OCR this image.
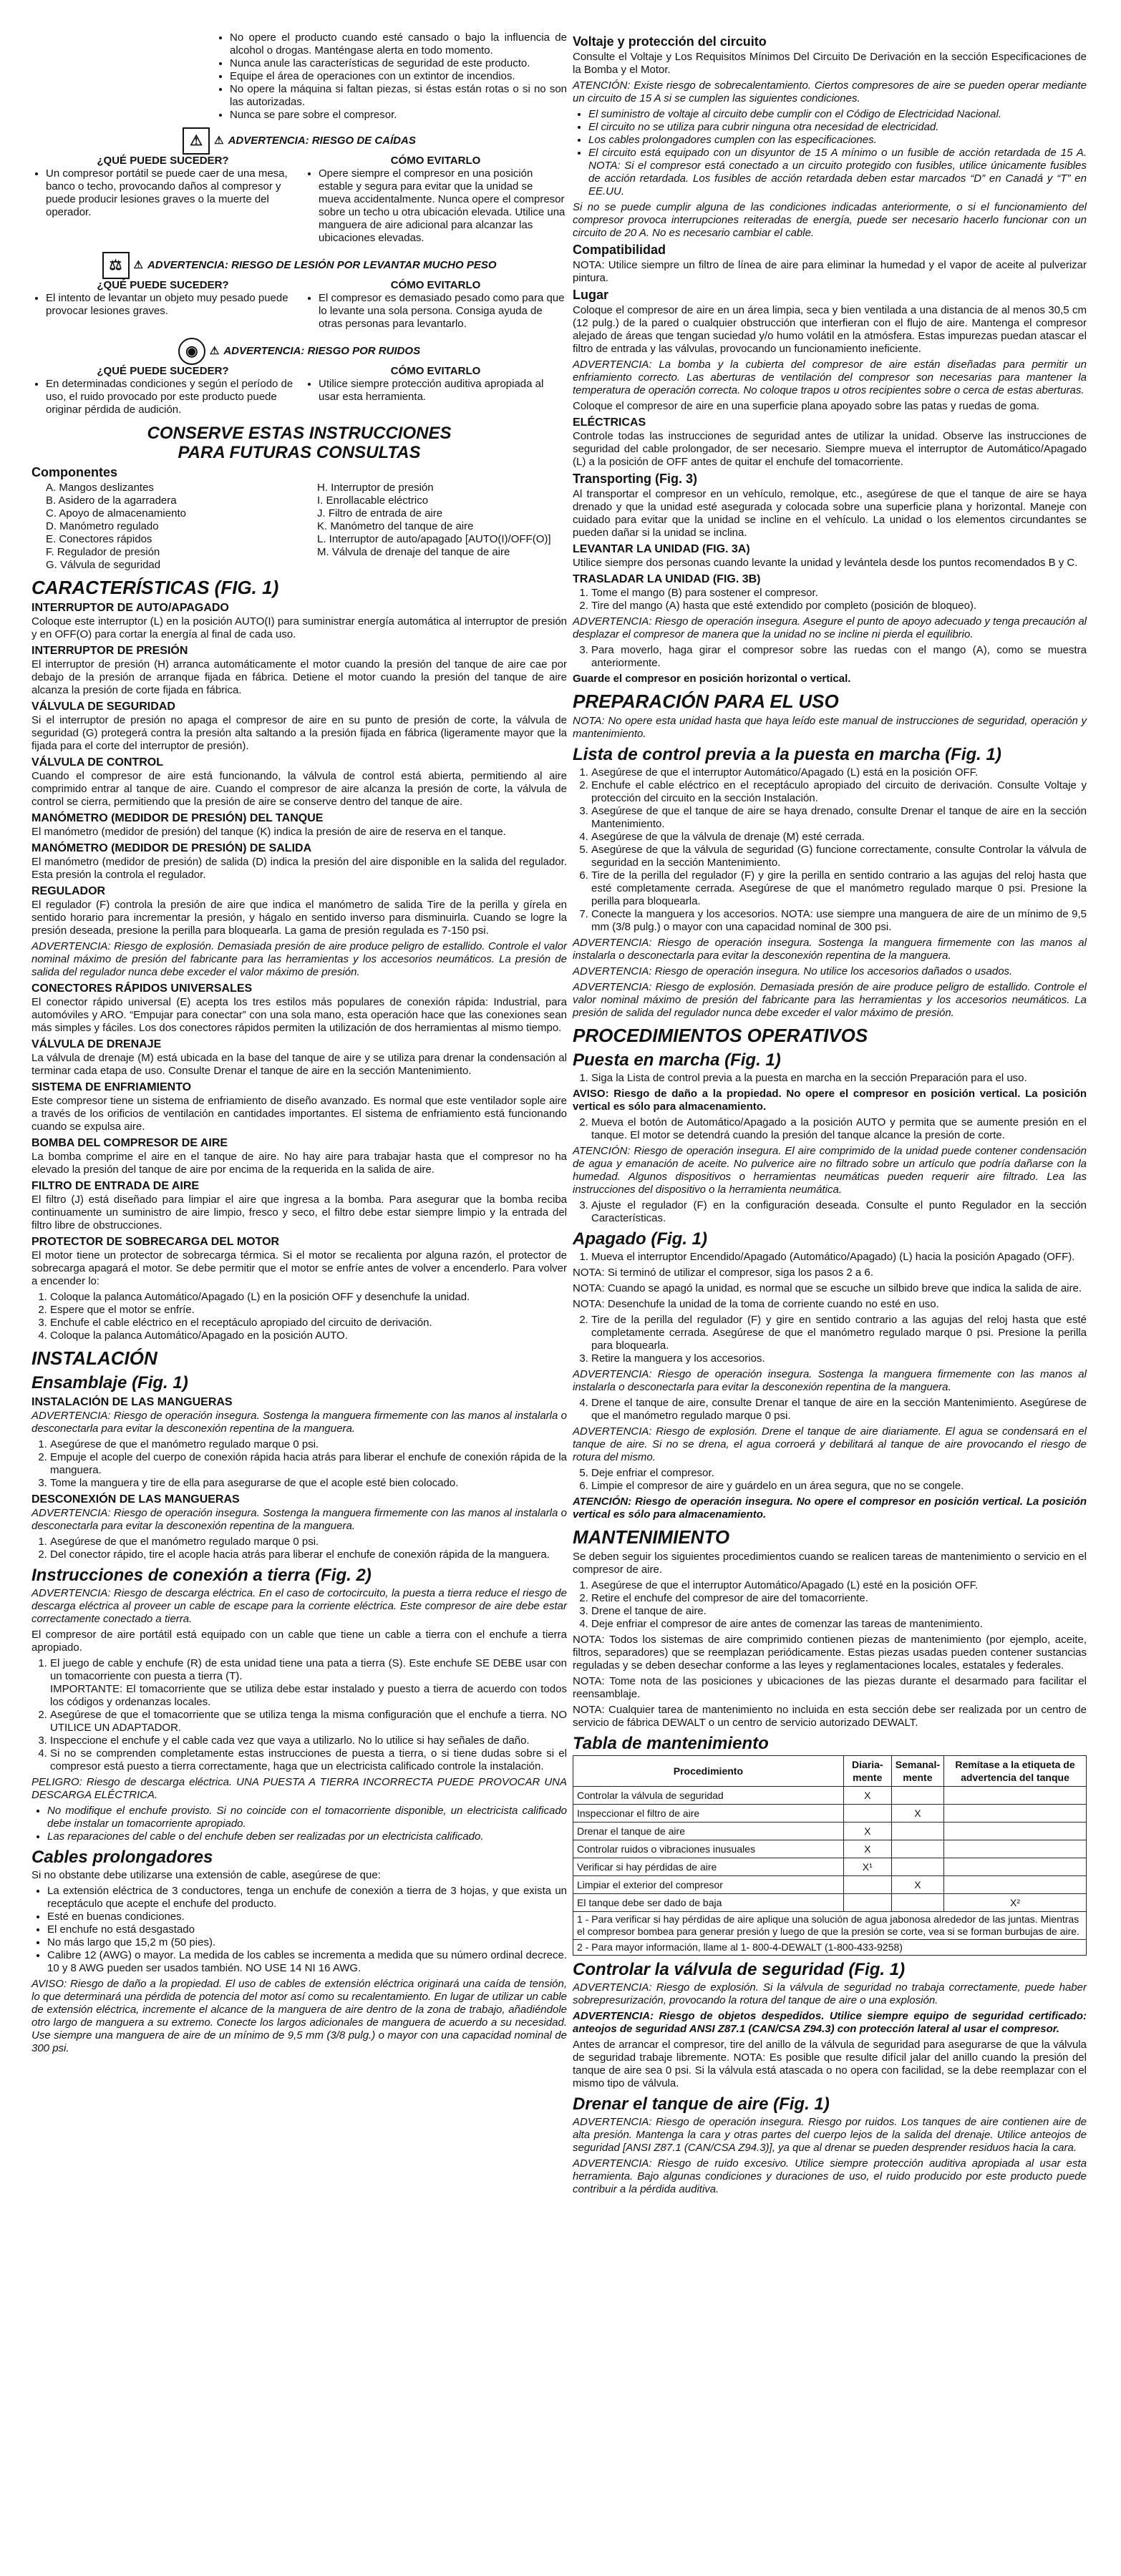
• No opere el producto cuando esté cansado o bajo la influencia de alcohol o drogas. Manténgase alerta en todo momento.
• Nunca anule las características de seguridad de este producto.
• Equipe el área de operaciones con un extintor de incendios.
• No opere la máquina si faltan piezas, si éstas están rotas o si no son las autorizadas.
• Nunca se pare sobre el compresor.
⚠	⚠ ADVERTENCIA: RIESGO DE CAÍDAS
¿QUÉ PUEDE SUCEDER?
• Un compresor portátil se puede caer de una mesa, banco o techo, provocando daños al compresor y puede producir lesiones graves o la muerte del operador.
CÓMO EVITARLO
• Opere siempre el compresor en una posición estable y segura para evitar que la unidad se mueva accidentalmente. Nunca opere el compresor sobre un techo u otra ubicación elevada. Utilice una manguera de aire adicional para alcanzar las ubicaciones elevadas.
⚖	⚠ ADVERTENCIA: RIESGO DE LESIÓN POR LEVANTAR MUCHO PESO
¿QUÉ PUEDE SUCEDER?
• El intento de levantar un objeto muy pesado puede provocar lesiones graves.
CÓMO EVITARLO
• El compresor es demasiado pesado como para que lo levante una sola persona. Consiga ayuda de otras personas para levantarlo.
◉	⚠ ADVERTENCIA: RIESGO POR RUIDOS
¿QUÉ PUEDE SUCEDER?
• En determinadas condiciones y según el período de uso, el ruido provocado por este producto puede originar pérdida de audición.
CÓMO EVITARLO
• Utilice siempre protección auditiva apropiada al usar esta herramienta.
CONSERVE ESTAS INSTRUCCIONES
PARA FUTURAS CONSULTAS
Componentes
A. Mangos deslizantes
B. Asidero de la agarradera
C. Apoyo de almacenamiento
D. Manómetro regulado
E. Conectores rápidos
F. Regulador de presión
G. Válvula de seguridad
H. Interruptor de presión
I. Enrollacable eléctrico
J. Filtro de entrada de aire
K. Manómetro del tanque de aire
L. Interruptor de auto/apagado [AUTO(I)/OFF(O)]
M. Válvula de drenaje del tanque de aire
CARACTERÍSTICAS (FIG. 1)
INTERRUPTOR DE AUTO/APAGADO

Coloque este interruptor (L) en la posición AUTO(I) para suministrar energía automática al interruptor de presión y en OFF(O) para cortar la energía al final de cada uso.

INTERRUPTOR DE PRESIÓN

El interruptor de presión (H) arranca automáticamente el motor cuando la presión del tanque de aire cae por debajo de la presión de arranque fijada en fábrica. Detiene el motor cuando la presión del tanque de aire alcanza la presión de corte fijada en fábrica.

VÁLVULA DE SEGURIDAD

Si el interruptor de presión no apaga el compresor de aire en su punto de presión de corte, la válvula de seguridad (G) protegerá contra la presión alta saltando a la presión fijada en fábrica (ligeramente mayor que la fijada para el corte del interruptor de presión).

VÁLVULA DE CONTROL

Cuando el compresor de aire está funcionando, la válvula de control está abierta, permitiendo al aire comprimido entrar al tanque de aire. Cuando el compresor de aire alcanza la presión de corte, la válvula de control se cierra, permitiendo que la presión de aire se conserve dentro del tanque de aire.

MANÓMETRO (MEDIDOR DE PRESIÓN) DEL TANQUE

El manómetro (medidor de presión) del tanque (K) indica la presión de aire de reserva en el tanque.

MANÓMETRO (MEDIDOR DE PRESIÓN) DE SALIDA

El manómetro (medidor de presión) de salida (D) indica la presión del aire disponible en la salida del regulador. Esta presión la controla el regulador.

REGULADOR

El regulador (F) controla la presión de aire que indica el manómetro de salida Tire de la perilla y gírela en sentido horario para incrementar la presión, y hágalo en sentido inverso para disminuirla. Cuando se logre la presión deseada, presione la perilla para bloquearla. La gama de presión regulada es 7-150 psi.

ADVERTENCIA: Riesgo de explosión. Demasiada presión de aire produce peligro de estallido. Controle el valor nominal máximo de presión del fabricante para las herramientas y los accesorios neumáticos. La presión de salida del regulador nunca debe exceder el valor máximo de presión.

CONECTORES RÁPIDOS UNIVERSALES

El conector rápido universal (E) acepta los tres estilos más populares de conexión rápida: Industrial, para automóviles y ARO. “Empujar para conectar” con una sola mano, esta operación hace que las conexiones sean más simples y fáciles. Los dos conectores rápidos permiten la utilización de dos herramientas al mismo tiempo.

VÁLVULA DE DRENAJE

La válvula de drenaje (M) está ubicada en la base del tanque de aire y se utiliza para drenar la condensación al terminar cada etapa de uso. Consulte Drenar el tanque de aire en la sección Mantenimiento.

SISTEMA DE ENFRIAMIENTO

Este compresor tiene un sistema de enfriamiento de diseño avanzado. Es normal que este ventilador sople aire a través de los orificios de ventilación en cantidades importantes. El sistema de enfriamiento está funcionando cuando se expulsa aire.

BOMBA DEL COMPRESOR DE AIRE

La bomba comprime el aire en el tanque de aire. No hay aire para trabajar hasta que el compresor no ha elevado la presión del tanque de aire por encima de la requerida en la salida de aire.

FILTRO DE ENTRADA DE AIRE

El filtro (J) está diseñado para limpiar el aire que ingresa a la bomba. Para asegurar que la bomba reciba continuamente un suministro de aire limpio, fresco y seco, el filtro debe estar siempre limpio y la entrada del filtro libre de obstrucciones.

PROTECTOR DE SOBRECARGA DEL MOTOR

El motor tiene un protector de sobrecarga térmica. Si el motor se recalienta por alguna razón, el protector de sobrecarga apagará el motor. Se debe permitir que el motor se enfríe antes de volver a encenderlo. Para volver a encender lo:

1. Coloque la palanca Automático/Apagado (L) en la posición OFF y desenchufe la unidad.
2. Espere que el motor se enfríe.
3. Enchufe el cable eléctrico en el receptáculo apropiado del circuito de derivación.
4. Coloque la palanca Automático/Apagado en la posición AUTO.
INSTALACIÓN
Ensamblaje (Fig. 1)
INSTALACIÓN DE LAS MANGUERAS

ADVERTENCIA: Riesgo de operación insegura. Sostenga la manguera firmemente con las manos al instalarla o desconectarla para evitar la desconexión repentina de la manguera.

1. Asegúrese de que el manómetro regulado marque 0 psi.
2. Empuje el acople del cuerpo de conexión rápida hacia atrás para liberar el enchufe de conexión rápida de la manguera.
3. Tome la manguera y tire de ella para asegurarse de que el acople esté bien colocado.
DESCONEXIÓN DE LAS MANGUERAS

ADVERTENCIA: Riesgo de operación insegura. Sostenga la manguera firmemente con las manos al instalarla o desconectarla para evitar la desconexión repentina de la manguera.

1. Asegúrese de que el manómetro regulado marque 0 psi.
2. Del conector rápido, tire el acople hacia atrás para liberar el enchufe de conexión rápida de la manguera.
Instrucciones de conexión a tierra (Fig. 2)

ADVERTENCIA: Riesgo de descarga eléctrica. En el caso de cortocircuito, la puesta a tierra reduce el riesgo de descarga eléctrica al proveer un cable de escape para la corriente eléctrica. Este compresor de aire debe estar correctamente conectado a tierra.

El compresor de aire portátil está equipado con un cable que tiene un cable a tierra con el enchufe a tierra apropiado.

1. El juego de cable y enchufe (R) de esta unidad tiene una pata a tierra (S). Este enchufe SE DEBE usar con un tomacorriente con puesta a tierra (T).
IMPORTANTE: El tomacorriente que se utiliza debe estar instalado y puesto a tierra de acuerdo con todos los códigos y ordenanzas locales.
2. Asegúrese de que el tomacorriente que se utiliza tenga la misma configuración que el enchufe a tierra. NO UTILICE UN ADAPTADOR.
3. Inspeccione el enchufe y el cable cada vez que vaya a utilizarlo. No lo utilice si hay señales de daño.
4. Si no se comprenden completamente estas instrucciones de puesta a tierra, o si tiene dudas sobre si el compresor está puesto a tierra correctamente, haga que un electricista calificado controle la instalación.

PELIGRO: Riesgo de descarga eléctrica. UNA PUESTA A TIERRA INCORRECTA PUEDE PROVOCAR UNA DESCARGA ELÉCTRICA.

• No modifique el enchufe provisto. Si no coincide con el tomacorriente disponible, un electricista calificado debe instalar un tomacorriente apropiado.
• Las reparaciones del cable o del enchufe deben ser realizadas por un electricista calificado.
Cables prolongadores

Si no obstante debe utilizarse una extensión de cable, asegúrese de que:

• La extensión eléctrica de 3 conductores, tenga un enchufe de conexión a tierra de 3 hojas, y que exista un receptáculo que acepte el enchufe del producto.
• Esté en buenas condiciones.
• El enchufe no está desgastado
• No más largo que 15,2 m (50 pies).
• Calibre 12 (AWG) o mayor. La medida de los cables se incrementa a medida que su número ordinal decrece. 10 y 8 AWG pueden ser usados también. NO USE 14 NI 16 AWG.

AVISO: Riesgo de daño a la propiedad. El uso de cables de extensión eléctrica originará una caída de tensión, lo que determinará una pérdida de potencia del motor así como su recalentamiento. En lugar de utilizar un cable de extensión eléctrica, incremente el alcance de la manguera de aire dentro de la zona de trabajo, añadiéndole otro largo de manguera a su extremo. Conecte los largos adicionales de manguera de acuerdo a su necesidad. Use siempre una manguera de aire de un mínimo de 9,5 mm (3/8 pulg.) o mayor con una capacidad nominal de 300 psi.

Voltaje y protección del circuito

Consulte el Voltaje y Los Requisitos Mínimos Del Circuito De Derivación en la sección Especificaciones de la Bomba y el Motor.

ATENCIÓN: Existe riesgo de sobrecalentamiento. Ciertos compresores de aire se pueden operar mediante un circuito de 15 A si se cumplen las siguientes condiciones.

• El suministro de voltaje al circuito debe cumplir con el Código de Electricidad Nacional.
• El circuito no se utiliza para cubrir ninguna otra necesidad de electricidad.
• Los cables prolongadores cumplen con las especificaciones.
• El circuito está equipado con un disyuntor de 15 A mínimo o un fusible de acción retardada de 15 A. NOTA: Si el compresor está conectado a un circuito protegido con fusibles, utilice únicamente fusibles de acción retardada. Los fusibles de acción retardada deben estar marcados “D” en Canadá y “T” en EE.UU.

Si no se puede cumplir alguna de las condiciones indicadas anteriormente, o si el funcionamiento del compresor provoca interrupciones reiteradas de energía, puede ser necesario hacerlo funcionar con un circuito de 20 A. No es necesario cambiar el cable.

Compatibilidad

NOTA: Utilice siempre un filtro de línea de aire para eliminar la humedad y el vapor de aceite al pulverizar pintura.

Lugar

Coloque el compresor de aire en un área limpia, seca y bien ventilada a una distancia de al menos 30,5 cm (12 pulg.) de la pared o cualquier obstrucción que interfieran con el flujo de aire. Mantenga el compresor alejado de áreas que tengan suciedad y/o humo volátil en la atmósfera. Estas impurezas puedan atascar el filtro de entrada y las válvulas, provocando un funcionamiento ineficiente.

ADVERTENCIA: La bomba y la cubierta del compresor de aire están diseñadas para permitir un enfriamiento correcto. Las aberturas de ventilación del compresor son necesarias para mantener la temperatura de operación correcta. No coloque trapos u otros recipientes sobre o cerca de estas aberturas.

Coloque el compresor de aire en una superficie plana apoyado sobre las patas y ruedas de goma.

ELÉCTRICAS

Controle todas las instrucciones de seguridad antes de utilizar la unidad. Observe las instrucciones de seguridad del cable prolongador, de ser necesario. Siempre mueva el interruptor de Automático/Apagado (L) a la posición de OFF antes de quitar el enchufe del tomacorriente.

Transporting (Fig. 3)

Al transportar el compresor en un vehículo, remolque, etc., asegúrese de que el tanque de aire se haya drenado y que la unidad esté asegurada y colocada sobre una superficie plana y horizontal. Maneje con cuidado para evitar que la unidad se incline en el vehículo. La unidad o los elementos circundantes se pueden dañar si la unidad se inclina.

LEVANTAR LA UNIDAD (FIG. 3A)

Utilice siempre dos personas cuando levante la unidad y levántela desde los puntos recomendados B y C.

TRASLADAR LA UNIDAD (FIG. 3B)
1. Tome el mango (B) para sostener el compresor.
2. Tire del mango (A) hasta que esté extendido por completo (posición de bloqueo).

ADVERTENCIA: Riesgo de operación insegura. Asegure el punto de apoyo adecuado y tenga precaución al desplazar el compresor de manera que la unidad no se incline ni pierda el equilibrio.

3. Para moverlo, haga girar el compresor sobre las ruedas con el mango (A), como se muestra anteriormente.

Guarde el compresor en posición horizontal o vertical.

PREPARACIÓN PARA EL USO

NOTA: No opere esta unidad hasta que haya leído este manual de instrucciones de seguridad, operación y mantenimiento.

Lista de control previa a la puesta en marcha (Fig. 1)
1. Asegúrese de que el interruptor Automático/Apagado (L) está en la posición OFF.
2. Enchufe el cable eléctrico en el receptáculo apropiado del circuito de derivación. Consulte Voltaje y protección del circuito en la sección Instalación.
3. Asegúrese de que el tanque de aire se haya drenado, consulte Drenar el tanque de aire en la sección Mantenimiento.
4. Asegúrese de que la válvula de drenaje (M) esté cerrada.
5. Asegúrese de que la válvula de seguridad (G) funcione correctamente, consulte Controlar la válvula de seguridad en la sección Mantenimiento.
6. Tire de la perilla del regulador (F) y gire la perilla en sentido contrario a las agujas del reloj hasta que esté completamente cerrada. Asegúrese de que el manómetro regulado marque 0 psi. Presione la perilla para bloquearla.
7. Conecte la manguera y los accesorios. NOTA: use siempre una manguera de aire de un mínimo de 9,5 mm (3/8 pulg.) o mayor con una capacidad nominal de 300 psi.

ADVERTENCIA: Riesgo de operación insegura. Sostenga la manguera firmemente con las manos al instalarla o desconectarla para evitar la desconexión repentina de la manguera.

ADVERTENCIA: Riesgo de operación insegura. No utilice los accesorios dañados o usados.

ADVERTENCIA: Riesgo de explosión. Demasiada presión de aire produce peligro de estallido. Controle el valor nominal máximo de presión del fabricante para las herramientas y los accesorios neumáticos. La presión de salida del regulador nunca debe exceder el valor máximo de presión.

PROCEDIMIENTOS OPERATIVOS
Puesta en marcha (Fig. 1)
1. Siga la Lista de control previa a la puesta en marcha en la sección Preparación para el uso.

AVISO: Riesgo de daño a la propiedad. No opere el compresor en posición vertical. La posición vertical es sólo para almacenamiento.

2. Mueva el botón de Automático/Apagado a la posición AUTO y permita que se aumente presión en el tanque. El motor se detendrá cuando la presión del tanque alcance la presión de corte.

ATENCIÓN: Riesgo de operación insegura. El aire comprimido de la unidad puede contener condensación de agua y emanación de aceite. No pulverice aire no filtrado sobre un artículo que podría dañarse con la humedad. Algunos dispositivos o herramientas neumáticas pueden requerir aire filtrado. Lea las instrucciones del dispositivo o la herramienta neumática.

3. Ajuste el regulador (F) en la configuración deseada. Consulte el punto Regulador en la sección Características.
Apagado (Fig. 1)
1. Mueva el interruptor Encendido/Apagado (Automático/Apagado) (L) hacia la posición Apagado (OFF).

NOTA: Si terminó de utilizar el compresor, siga los pasos 2 a 6.

NOTA: Cuando se apagó la unidad, es normal que se escuche un silbido breve que indica la salida de aire.

NOTA: Desenchufe la unidad de la toma de corriente cuando no esté en uso.

2. Tire de la perilla del regulador (F) y gire en sentido contrario a las agujas del reloj hasta que esté completamente cerrada. Asegúrese de que el manómetro regulado marque 0 psi. Presione la perilla para bloquearla.
3. Retire la manguera y los accesorios.

ADVERTENCIA: Riesgo de operación insegura. Sostenga la manguera firmemente con las manos al instalarla o desconectarla para evitar la desconexión repentina de la manguera.

4. Drene el tanque de aire, consulte Drenar el tanque de aire en la sección Mantenimiento. Asegúrese de que el manómetro regulado marque 0 psi.

ADVERTENCIA: Riesgo de explosión. Drene el tanque de aire diariamente. El agua se condensará en el tanque de aire. Si no se drena, el agua corroerá y debilitará al tanque de aire provocando el riesgo de rotura del mismo.

5. Deje enfriar el compresor.
6. Limpie el compresor de aire y guárdelo en un área segura, que no se congele.

ATENCIÓN: Riesgo de operación insegura. No opere el compresor en posición vertical. La posición vertical es sólo para almacenamiento.

MANTENIMIENTO

Se deben seguir los siguientes procedimientos cuando se realicen tareas de mantenimiento o servicio en el compresor de aire.

1. Asegúrese de que el interruptor Automático/Apagado (L) esté en la posición OFF.
2. Retire el enchufe del compresor de aire del tomacorriente.
3. Drene el tanque de aire.
4. Deje enfriar el compresor de aire antes de comenzar las tareas de mantenimiento.

NOTA: Todos los sistemas de aire comprimido contienen piezas de mantenimiento (por ejemplo, aceite, filtros, separadores) que se reemplazan periódicamente. Estas piezas usadas pueden contener sustancias reguladas y se deben desechar conforme a las leyes y reglamentaciones locales, estatales y federales.

NOTA: Tome nota de las posiciones y ubicaciones de las piezas durante el desarmado para facilitar el reensamblaje.

NOTA: Cualquier tarea de mantenimiento no incluida en esta sección debe ser realizada por un centro de servicio de fábrica DEWALT o un centro de servicio autorizado DEWALT.

Tabla de mantenimiento
Procedimiento	Diaria-mente	Semanal-mente	Remítase a la etiqueta de advertencia del tanque
Controlar la válvula de seguridad	X		
Inspeccionar el filtro de aire		X	
Drenar el tanque de aire	X		
Controlar ruidos o vibraciones inusuales	X		
Verificar si hay pérdidas de aire	X¹		
Limpiar el exterior del compresor		X	
El tanque debe ser dado de baja			X²
1 - Para verificar si hay pérdidas de aire aplique una solución de agua jabonosa alrededor de las juntas. Mientras el compresor bombea para generar presión y luego de que la presión se corte, vea si se forman burbujas de aire.
2 - Para mayor información, llame al 1- 800-4-DEWALT (1-800-433-9258)
Controlar la válvula de seguridad (Fig. 1)

ADVERTENCIA: Riesgo de explosión. Si la válvula de seguridad no trabaja correctamente, puede haber sobrepresurización, provocando la rotura del tanque de aire o una explosión.

ADVERTENCIA: Riesgo de objetos despedidos. Utilice siempre equipo de seguridad certificado: anteojos de seguridad ANSI Z87.1 (CAN/CSA Z94.3) con protección lateral al usar el compresor.

Antes de arrancar el compresor, tire del anillo de la válvula de seguridad para asegurarse de que la válvula de seguridad trabaje libremente. NOTA: Es posible que resulte difícil jalar del anillo cuando la presión del tanque de aire sea 0 psi. Si la válvula está atascada o no opera con facilidad, se la debe reemplazar con el mismo tipo de válvula.

Drenar el tanque de aire (Fig. 1)

ADVERTENCIA: Riesgo de operación insegura. Riesgo por ruidos. Los tanques de aire contienen aire de alta presión. Mantenga la cara y otras partes del cuerpo lejos de la salida del drenaje. Utilice anteojos de seguridad [ANSI Z87.1 (CAN/CSA Z94.3)], ya que al drenar se pueden desprender residuos hacia la cara.

ADVERTENCIA: Riesgo de ruido excesivo. Utilice siempre protección auditiva apropiada al usar esta herramienta. Bajo algunas condiciones y duraciones de uso, el ruido producido por este producto puede contribuir a la pérdida auditiva.
